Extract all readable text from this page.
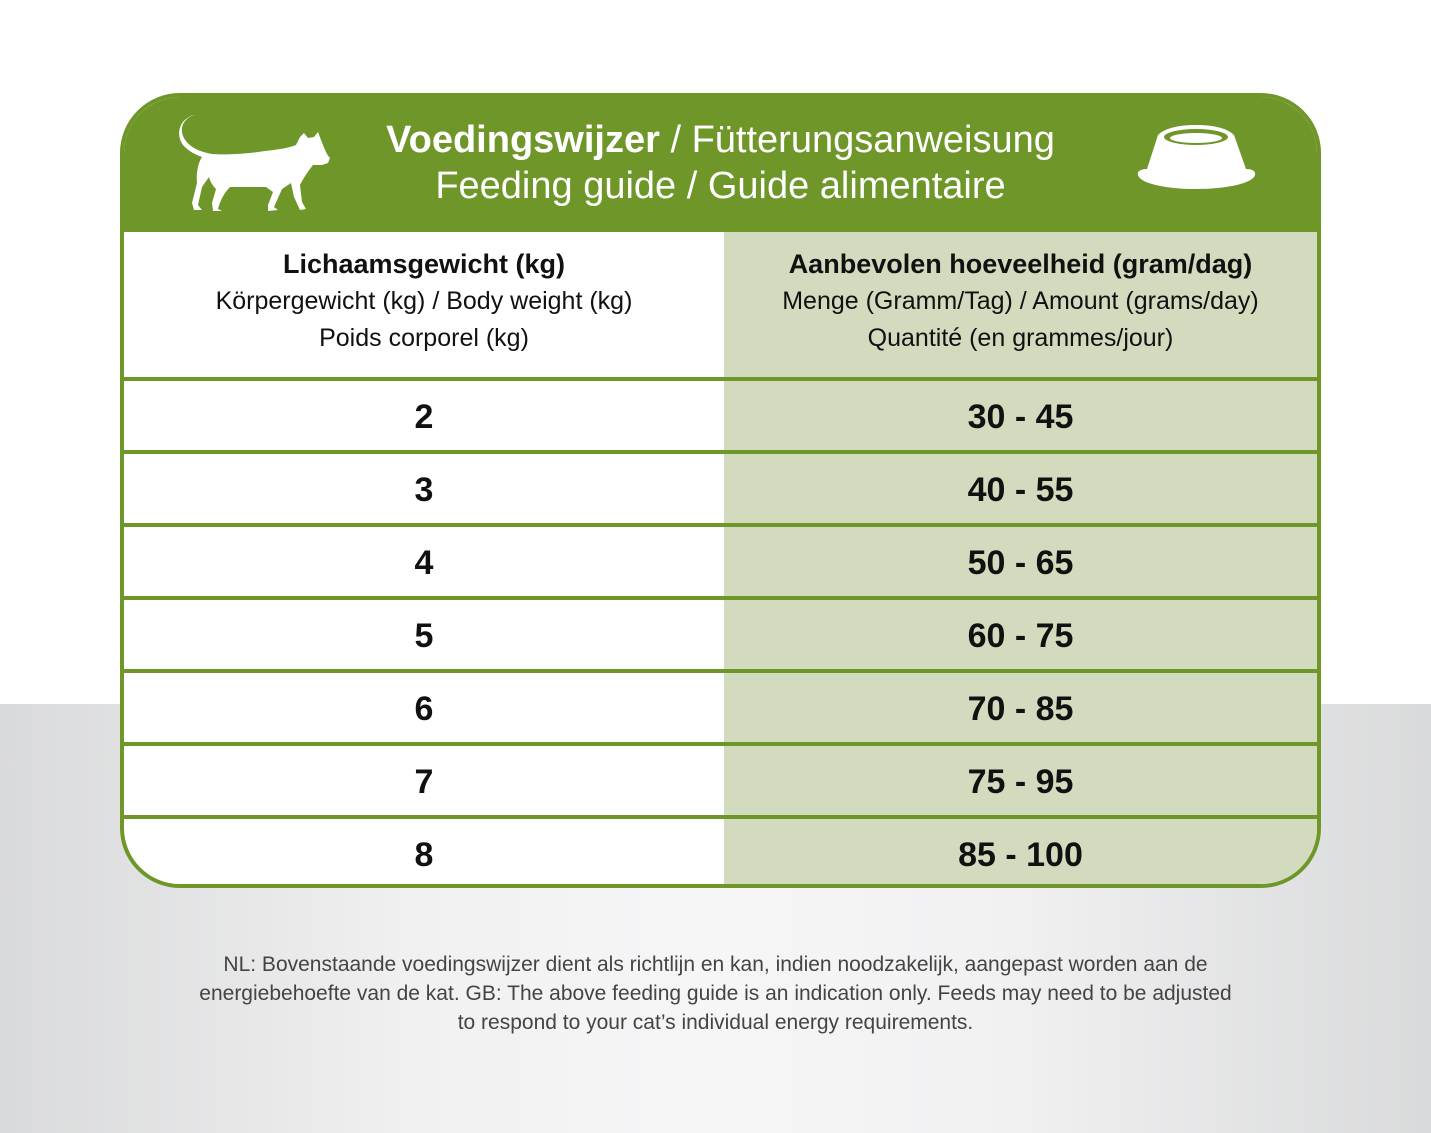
Voedingswijzer / Fütterungsanweisung
Feeding guide / Guide alimentaire
Lichaamsgewicht (kg)
Körpergewicht (kg) / Body weight (kg)
Poids corporel (kg)
Aanbevolen hoeveelheid (gram/dag)
Menge (Gramm/Tag) / Amount (grams/day)
Quantité (en grammes/jour)
2	30 - 45
3	40 - 55
4	50 - 65
5	60 - 75
6	70 - 85
7	75 - 95
8	85 - 100
NL: Bovenstaande voedingswijzer dient als richtlijn en kan, indien noodzakelijk, aangepast worden aan de
energiebehoefte van de kat. GB: The above feeding guide is an indication only. Feeds may need to be adjusted
to respond to your cat’s individual energy requirements.
